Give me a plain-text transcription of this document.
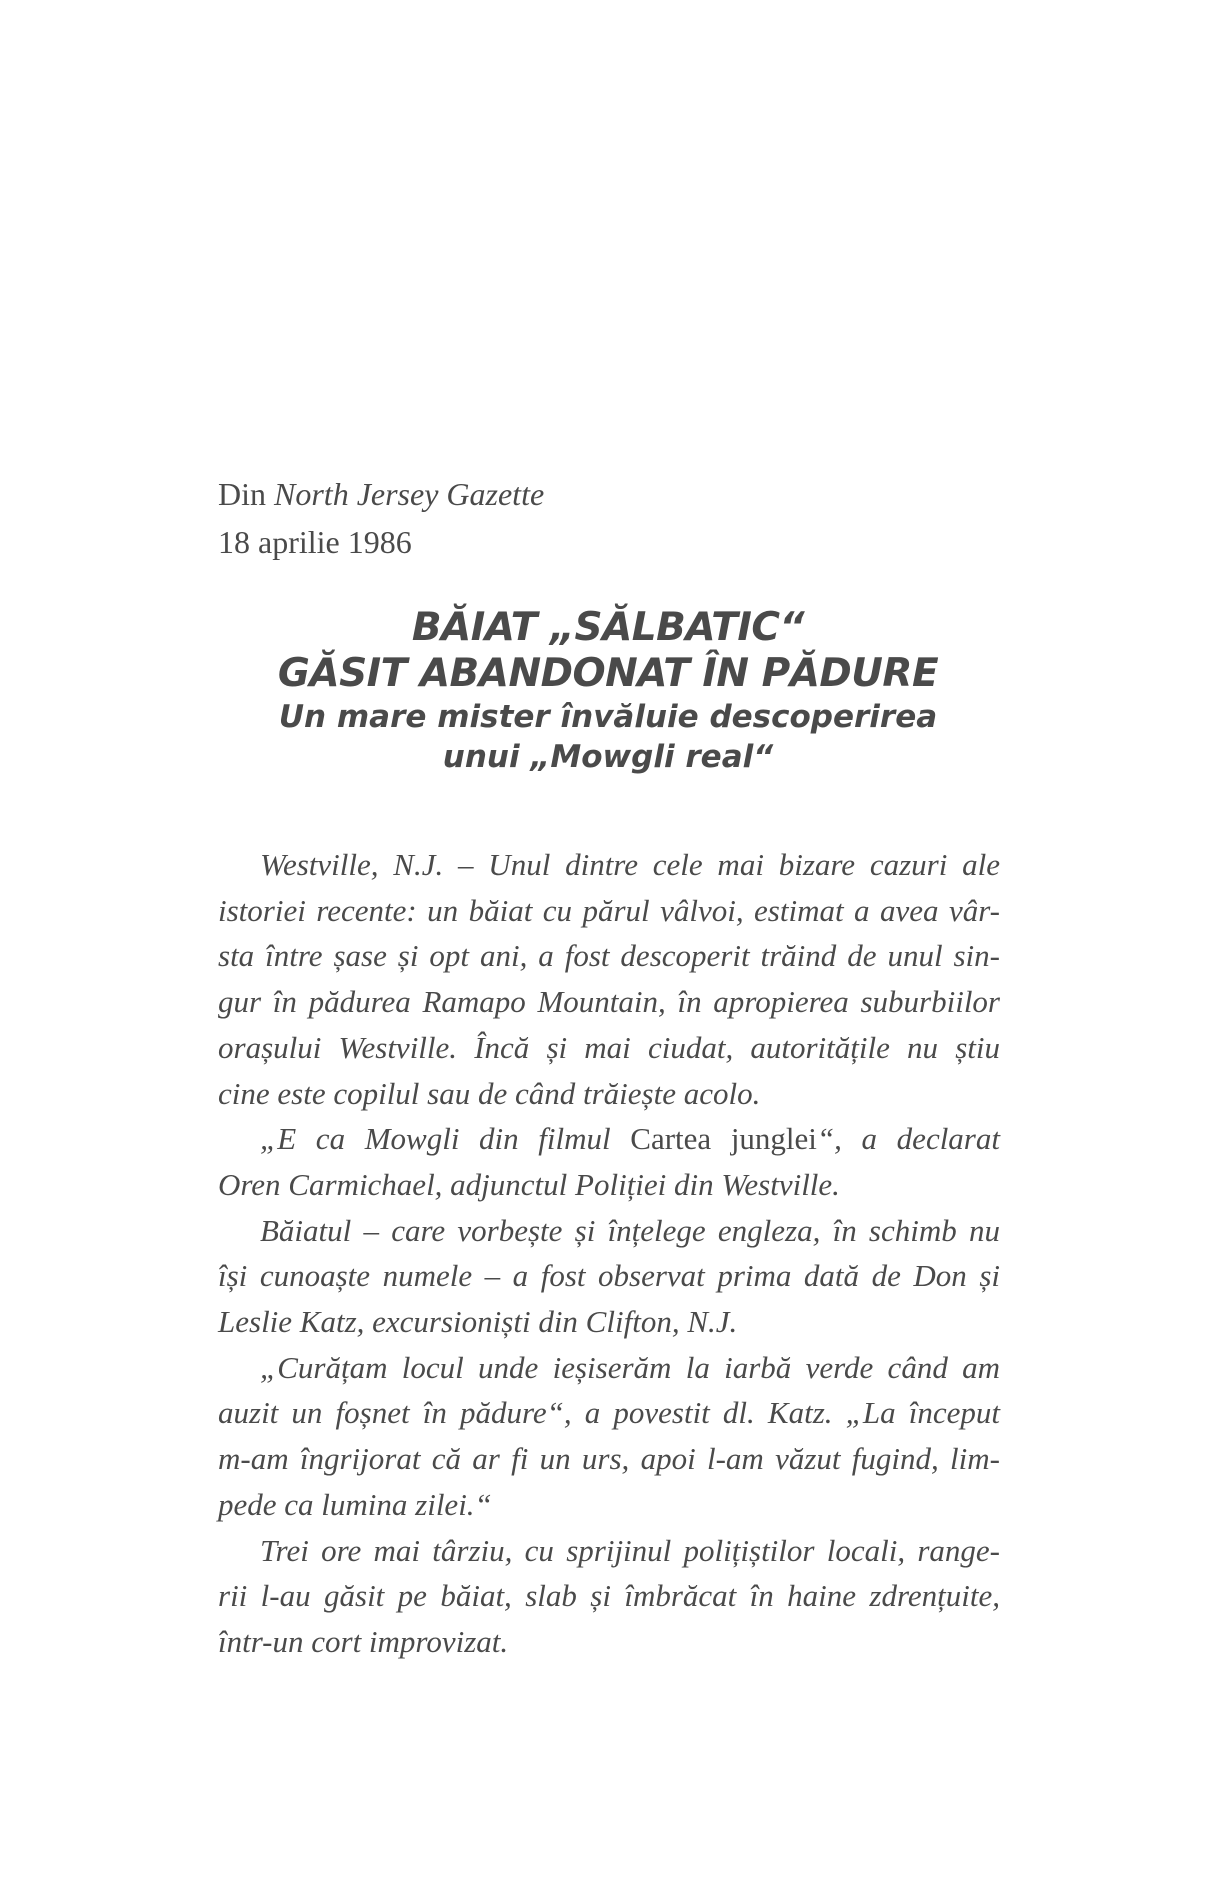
Din North Jersey Gazette
18 aprilie 1986
BĂIAT „SĂLBATIC“
GĂSIT ABANDONAT ÎN PĂDURE
Un mare mister învăluie descoperirea
unui „Mowgli real“
Westville, N.J. – Unul dintre cele mai bizare cazuri ale
istoriei recente: un băiat cu părul vâlvoi, estimat a avea vâr-
sta între șase și opt ani, a fost descoperit trăind de unul sin-
gur în pădurea Ramapo Mountain, în apropierea suburbiilor
orașului Westville. Încă și mai ciudat, autoritățile nu știu
cine este copilul sau de când trăiește acolo.
„E ca Mowgli din filmul Cartea junglei“, a declarat
Oren Carmichael, adjunctul Poliției din Westville.
Băiatul – care vorbește și înțelege engleza, în schimb nu
își cunoaște numele – a fost observat prima dată de Don și
Leslie Katz, excursioniști din Clifton, N.J.
„Curățam locul unde ieșiserăm la iarbă verde când am
auzit un foșnet în pădure“, a povestit dl. Katz. „La început
m-am îngrijorat că ar fi un urs, apoi l-am văzut fugind, lim-
pede ca lumina zilei.“
Trei ore mai târziu, cu sprijinul polițiștilor locali, range-
rii l-au găsit pe băiat, slab și îmbrăcat în haine zdrențuite,
într-un cort improvizat.
